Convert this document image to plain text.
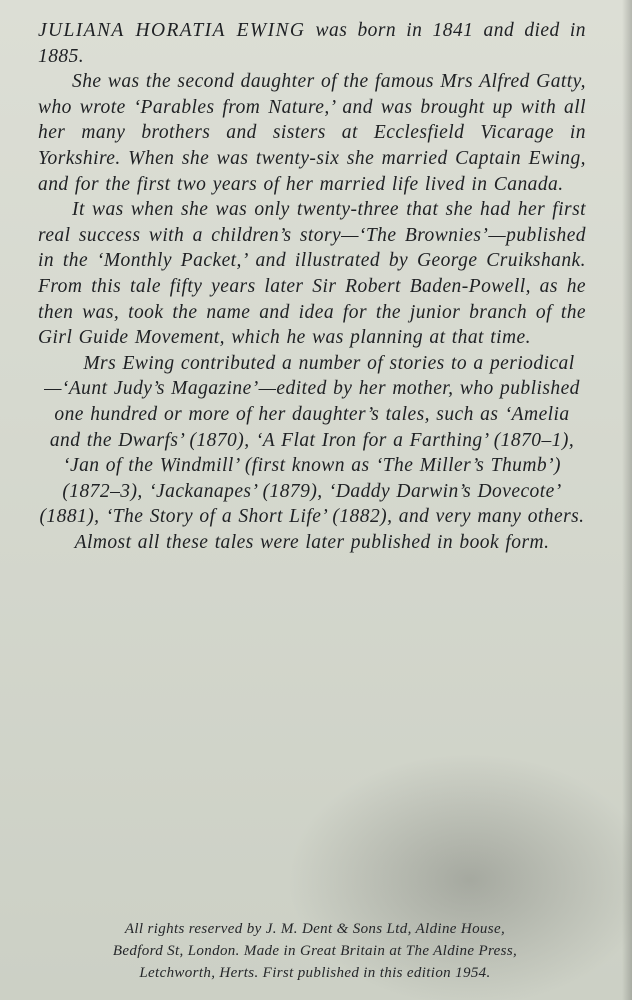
JULIANA HORATIA EWING was born in 1841 and died in 1885.

She was the second daughter of the famous Mrs Alfred Gatty, who wrote ‘Parables from Nature,’ and was brought up with all her many brothers and sisters at Ecclesfield Vicarage in Yorkshire. When she was twenty-six she married Captain Ewing, and for the first two years of her married life lived in Canada.

It was when she was only twenty-three that she had her first real success with a children’s story—‘The Brownies’—published in the ‘Monthly Packet,’ and illustrated by George Cruikshank. From this tale fifty years later Sir Robert Baden-Powell, as he then was, took the name and idea for the junior branch of the Girl Guide Movement, which he was planning at that time.

Mrs Ewing contributed a number of stories to a periodical—‘Aunt Judy’s Magazine’—edited by her mother, who published one hundred or more of her daughter’s tales, such as ‘Amelia and the Dwarfs’ (1870), ‘A Flat Iron for a Farthing’ (1870–1), ‘Jan of the Windmill’ (first known as ‘The Miller’s Thumb’) (1872–3), ‘Jackanapes’ (1879), ‘Daddy Darwin’s Dovecote’ (1881), ‘The Story of a Short Life’ (1882), and very many others. Almost all these tales were later published in book form.

All rights reserved by J. M. Dent & Sons Ltd, Aldine House,
Bedford St, London. Made in Great Britain at The Aldine Press,
Letchworth, Herts. First published in this edition 1954.
